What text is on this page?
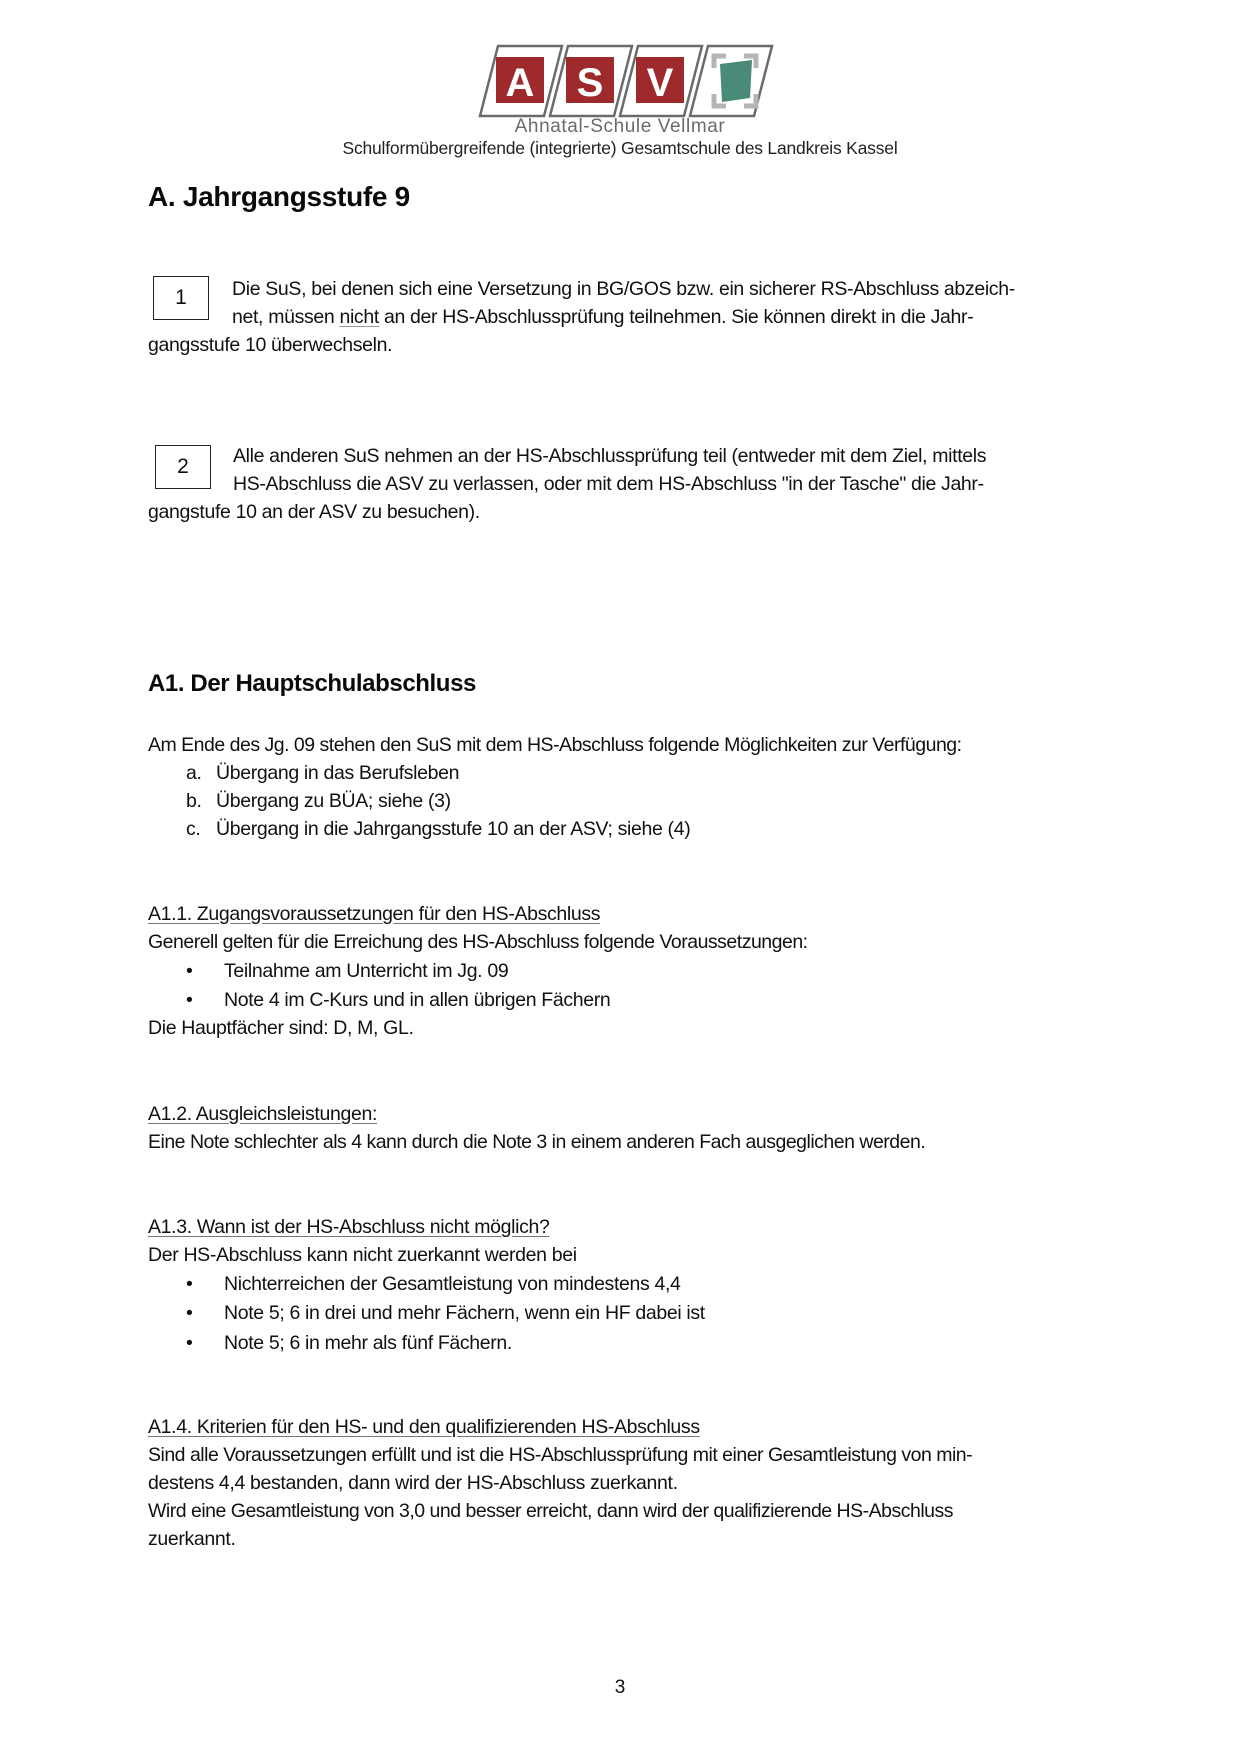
A S V
Ahnatal-Schule Vellmar
Schulformübergreifende (integrierte) Gesamtschule des Landkreis Kassel
A. Jahrgangsstufe 9
1	Die SuS, bei denen sich eine Versetzung in BG/GOS bzw. ein sicherer RS-Abschluss abzeich-
net, müssen nicht an der HS-Abschlussprüfung teilnehmen. Sie können direkt in die Jahr-
gangsstufe 10 überwechseln.
2	Alle anderen SuS nehmen an der HS-Abschlussprüfung teil (entweder mit dem Ziel, mittels
HS-Abschluss die ASV zu verlassen, oder mit dem HS-Abschluss "in der Tasche" die Jahr-
gangstufe 10 an der ASV zu besuchen).
A1. Der Hauptschulabschluss
Am Ende des Jg. 09 stehen den SuS mit dem HS-Abschluss folgende Möglichkeiten zur Verfügung:
a. Übergang in das Berufsleben
b. Übergang zu BÜA; siehe (3)
c. Übergang in die Jahrgangsstufe 10 an der ASV; siehe (4)
A1.1. Zugangsvoraussetzungen für den HS-Abschluss
Generell gelten für die Erreichung des HS-Abschluss folgende Voraussetzungen:
• Teilnahme am Unterricht im Jg. 09
• Note 4 im C-Kurs und in allen übrigen Fächern
Die Hauptfächer sind: D, M, GL.
A1.2. Ausgleichsleistungen:
Eine Note schlechter als 4 kann durch die Note 3 in einem anderen Fach ausgeglichen werden.
A1.3. Wann ist der HS-Abschluss nicht möglich?
Der HS-Abschluss kann nicht zuerkannt werden bei
• Nichterreichen der Gesamtleistung von mindestens 4,4
• Note 5; 6 in drei und mehr Fächern, wenn ein HF dabei ist
• Note 5; 6 in mehr als fünf Fächern.
A1.4. Kriterien für den HS- und den qualifizierenden HS-Abschluss
Sind alle Voraussetzungen erfüllt und ist die HS-Abschlussprüfung mit einer Gesamtleistung von min-
destens 4,4 bestanden, dann wird der HS-Abschluss zuerkannt.
Wird eine Gesamtleistung von 3,0 und besser erreicht, dann wird der qualifizierende HS-Abschluss
zuerkannt.
3
